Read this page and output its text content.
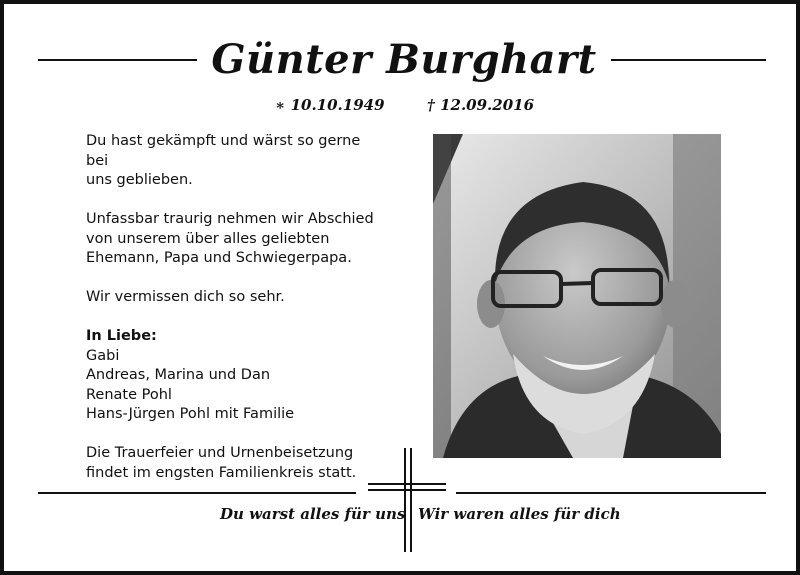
Günter Burghart
∗ 10.10.1949	† 12.09.2016

Du hast gekämpft und wärst so gerne bei
uns geblieben.

Unfassbar traurig nehmen wir Abschied
von unserem über alles geliebten
Ehemann, Papa und Schwiegerpapa.

Wir vermissen dich so sehr.

In Liebe:
Gabi
Andreas, Marina und Dan
Renate Pohl
Hans-Jürgen Pohl mit Familie

Die Trauerfeier und Urnenbeisetzung
findet im engsten Familienkreis statt.

Du warst alles für uns Wir waren alles für dich
